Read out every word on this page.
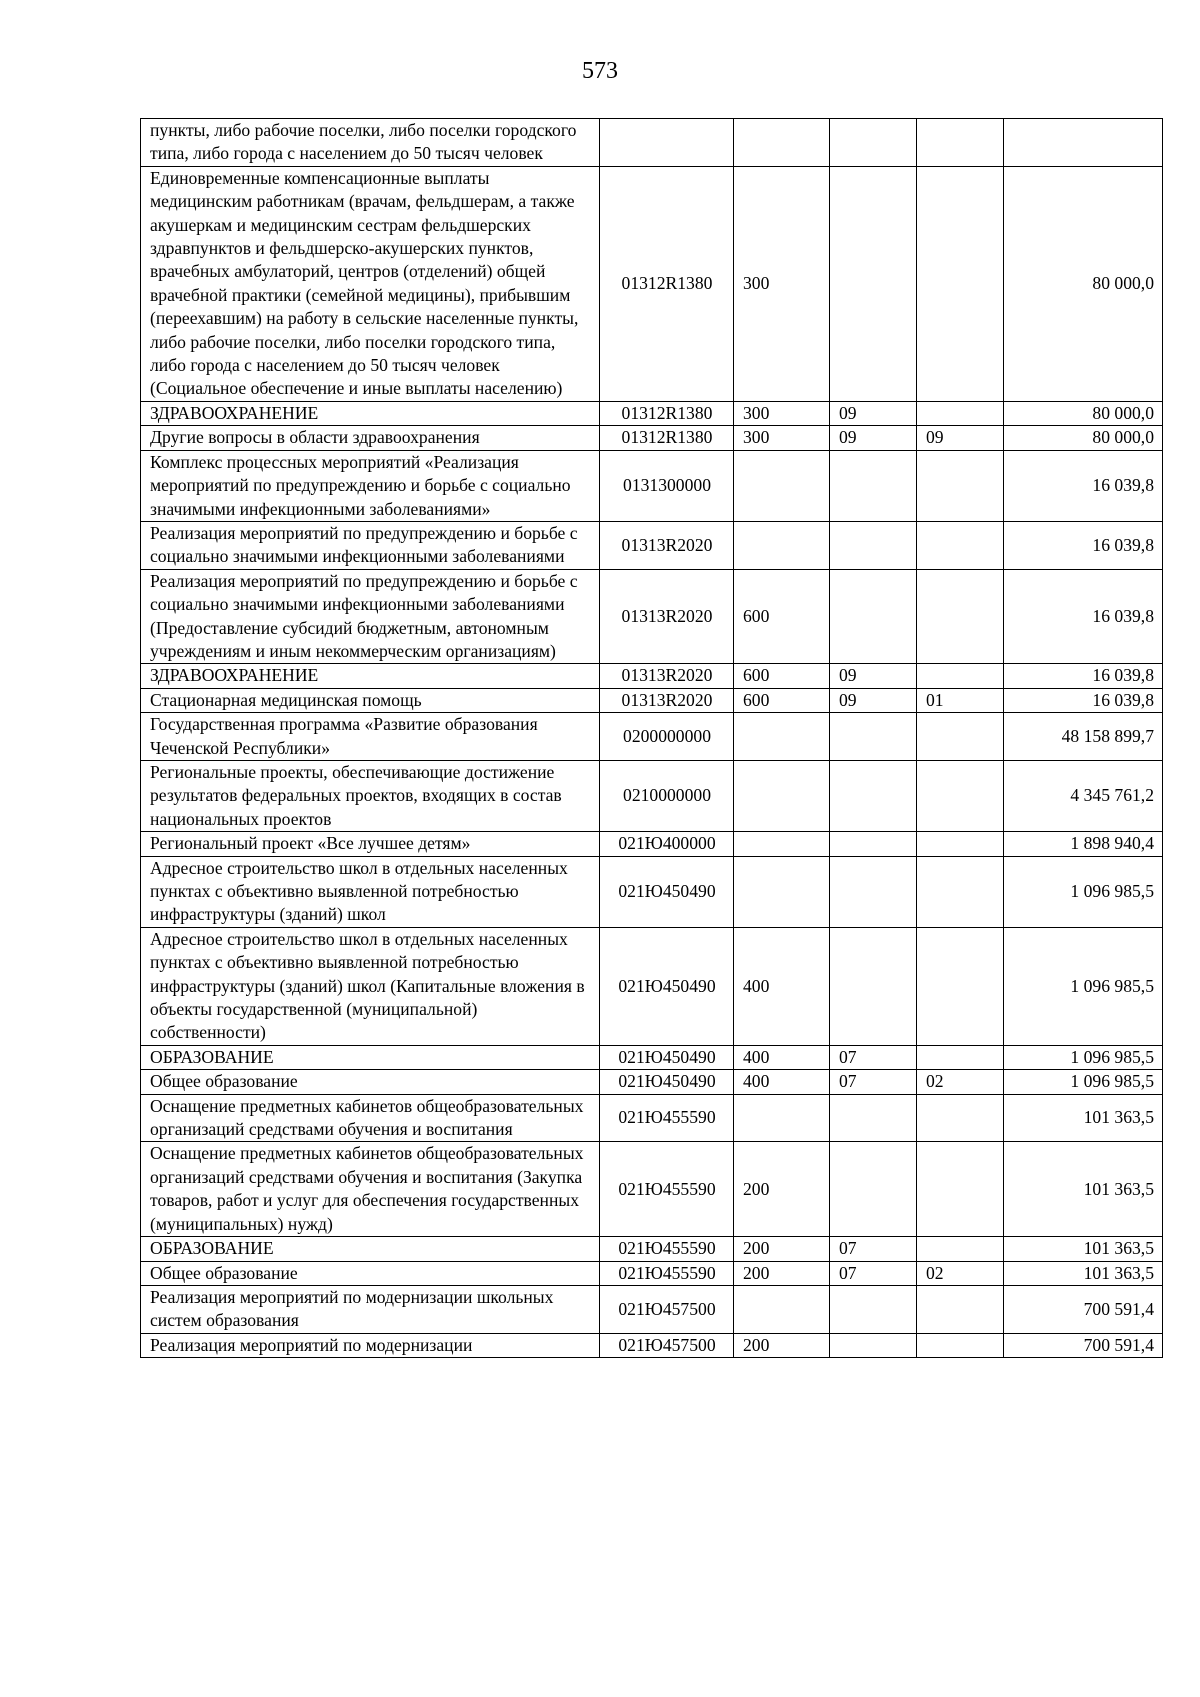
573
пункты, либо рабочие поселки, либо поселки городского типа, либо города с населением до 50 тысяч человек					
Единовременные компенсационные выплаты медицинским работникам (врачам, фельдшерам, а также акушеркам и медицинским сестрам фельдшерских здравпунктов и фельдшерско-акушерских пунктов, врачебных амбулаторий, центров (отделений) общей врачебной практики (семейной медицины), прибывшим (переехавшим) на работу в сельские населенные пункты, либо рабочие поселки, либо поселки городского типа, либо города с населением до 50 тысяч человек (Социальное обеспечение и иные выплаты населению)	01312R1380	300			80 000,0
ЗДРАВООХРАНЕНИЕ	01312R1380	300	09		80 000,0
Другие вопросы в области здравоохранения	01312R1380	300	09	09	80 000,0
Комплекс процессных мероприятий «Реализация мероприятий по предупреждению и борьбе с социально значимыми инфекционными заболеваниями»	0131300000				16 039,8
Реализация мероприятий по предупреждению и борьбе с социально значимыми инфекционными заболеваниями	01313R2020				16 039,8
Реализация мероприятий по предупреждению и борьбе с социально значимыми инфекционными заболеваниями (Предоставление субсидий бюджетным, автономным учреждениям и иным некоммерческим организациям)	01313R2020	600			16 039,8
ЗДРАВООХРАНЕНИЕ	01313R2020	600	09		16 039,8
Стационарная медицинская помощь	01313R2020	600	09	01	16 039,8
Государственная программа «Развитие образования Чеченской Республики»	0200000000				48 158 899,7
Региональные проекты, обеспечивающие достижение результатов федеральных проектов, входящих в состав национальных проектов	0210000000				4 345 761,2
Региональный проект «Все лучшее детям»	021Ю400000				1 898 940,4
Адресное строительство школ в отдельных населенных пунктах с объективно выявленной потребностью инфраструктуры (зданий) школ	021Ю450490				1 096 985,5
Адресное строительство школ в отдельных населенных пунктах с объективно выявленной потребностью инфраструктуры (зданий) школ (Капитальные вложения в объекты государственной (муниципальной) собственности)	021Ю450490	400			1 096 985,5
ОБРАЗОВАНИЕ	021Ю450490	400	07		1 096 985,5
Общее образование	021Ю450490	400	07	02	1 096 985,5
Оснащение предметных кабинетов общеобразовательных организаций средствами обучения и воспитания	021Ю455590				101 363,5
Оснащение предметных кабинетов общеобразовательных организаций средствами обучения и воспитания (Закупка товаров, работ и услуг для обеспечения государственных (муниципальных) нужд)	021Ю455590	200			101 363,5
ОБРАЗОВАНИЕ	021Ю455590	200	07		101 363,5
Общее образование	021Ю455590	200	07	02	101 363,5
Реализация мероприятий по модернизации школьных систем образования	021Ю457500				700 591,4
Реализация мероприятий по модернизации	021Ю457500	200			700 591,4
